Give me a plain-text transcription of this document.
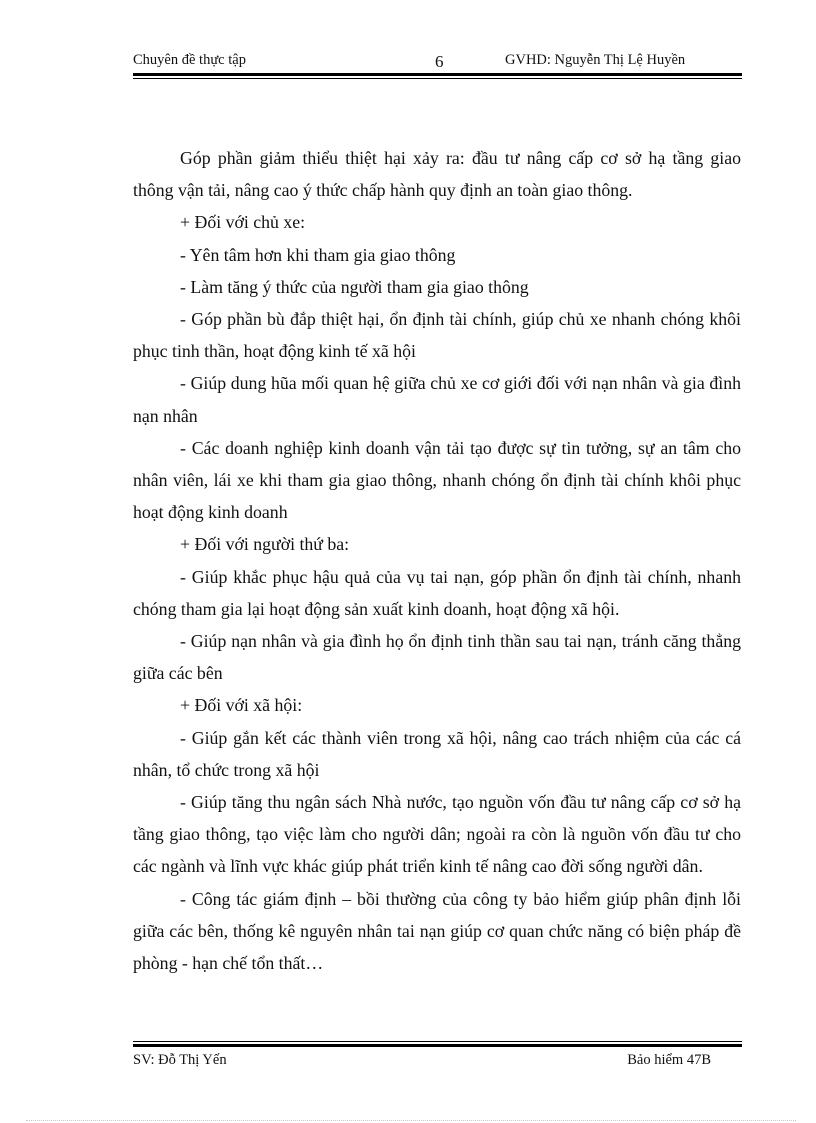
Chuyên đề thực tập	6	GVHD: Nguyễn Thị Lệ Huyền

Góp phần giảm thiểu thiệt hại xảy ra: đầu tư nâng cấp cơ sở hạ tầng giao thông vận tải, nâng cao ý thức chấp hành quy định an toàn giao thông.

+ Đối với chủ xe:

- Yên tâm hơn khi tham gia giao thông

- Làm tăng ý thức của người tham gia giao thông

- Góp phần bù đắp thiệt hại, ổn định tài chính, giúp chủ xe nhanh chóng khôi phục tinh thần, hoạt động kinh tế xã hội

- Giúp dung hũa mối quan hệ giữa chủ xe cơ giới đối với nạn nhân và gia đình nạn nhân

- Các doanh nghiệp kinh doanh vận tải tạo được sự tin tưởng, sự an tâm cho nhân viên, lái xe khi tham gia giao thông, nhanh chóng ổn định tài chính khôi phục hoạt động kinh doanh

+ Đối với người thứ ba:

- Giúp khắc phục hậu quả của vụ tai nạn, góp phần ổn định tài chính, nhanh chóng tham gia lại hoạt động sản xuất kinh doanh, hoạt động xã hội.

- Giúp nạn nhân và gia đình họ ổn định tinh thần sau tai nạn, tránh căng thẳng giữa các bên

+ Đối với xã hội:

- Giúp gắn kết các thành viên trong xã hội, nâng cao trách nhiệm của các cá nhân, tổ chức trong xã hội

- Giúp tăng thu ngân sách Nhà nước, tạo nguồn vốn đầu tư nâng cấp cơ sở hạ tầng giao thông, tạo việc làm cho người dân; ngoài ra còn là nguồn vốn đầu tư cho các ngành và lĩnh vực khác giúp phát triển kinh tế nâng cao đời sống người dân.

- Công tác giám định – bồi thường của công ty bảo hiểm giúp phân định lỗi giữa các bên, thống kê nguyên nhân tai nạn giúp cơ quan chức năng có biện pháp đề phòng - hạn chế tổn thất…

SV: Đỗ Thị Yến	Bảo hiểm 47B
